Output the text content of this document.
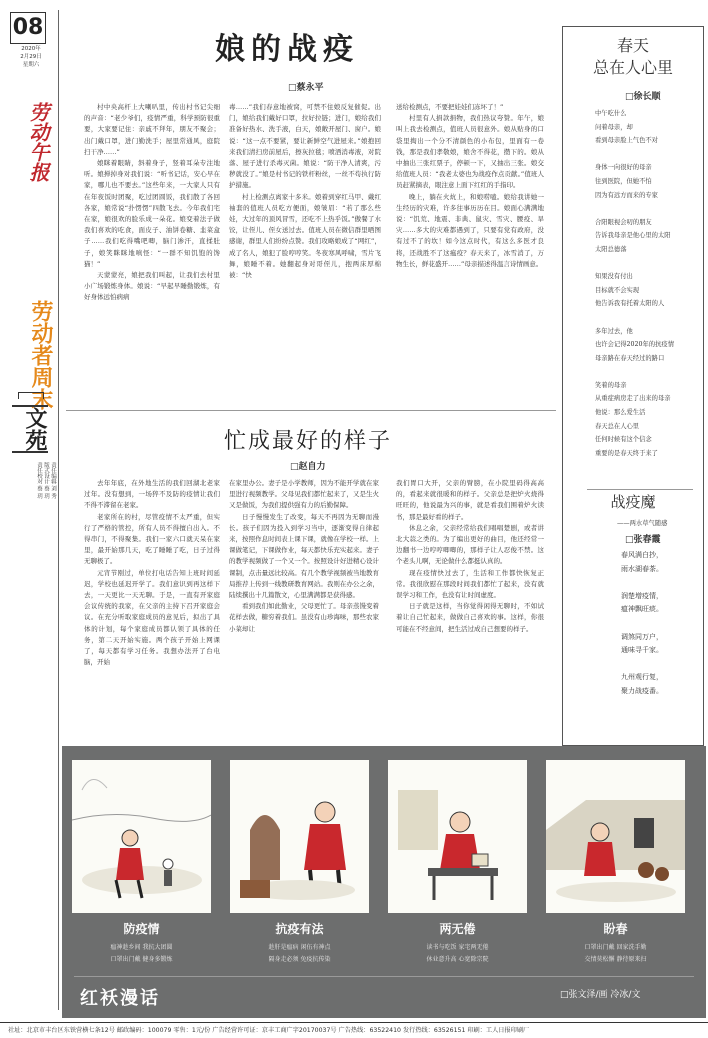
08
2020年
2月29日
星期六
劳动午报
劳动者周末
文苑
责任编辑 刘 秀 版式设计 蔡 玥 责任校对 蔡 玥
娘的战疫
□蔡永平

村中央高杆上大喇叭里，传出村书记尖细的声音：“老少爷们，疫情严重，科学预防很重要，大家要记住：亲戚不拜年，朋友不聚会；出门戴口罩，进门勤洗手；屋里常通风，庭院扫干净……”

娘眯着眼睛，斜着身子，竖着耳朵专注地听。娘掸掉身对我们说：“听书记话，安心早在家，哪儿也不要去。”这些年来，一大家人只有在年夜饭时团聚，吃过团圆饭，我们散了各回各家，娘常说“扑愣愣”四散飞去。今年我们宅在家，娘很欢的脸乐成一朵花。娘变着法子做我们喜欢的吃食，面皮子、油饼卷糖、韭菜盒子……我们吃得嘴吧唧，脑门渗汗，直揉肚子，娘笑眯眯地嗔怪：“一群不知饥饱的馋猫！”

天蒙蒙亮，娘把我们叫起，让我们去村里小广场锻炼身体。娘说：“早起早睡勤锻炼，有好身体远怕病病

毒……”我们春意地被窝，可禁不住娘反复催促。出门，娘给我们戴好口罩，拉好拉链；进门，娘给我们准备好热水、洗手液，白天，娘敞开屋门、窗户。娘说：“这一点不要紧，要让新鲜空气进屋来。”娘抱回来我们清扫房前屋后，擦灰拉毯；喷洒消毒液，对院落、屋子进行杀毒灭菌。娘说：“防干净人清爽，污秽就没了。”娘是村书记的铁杆粉丝，一丝不苟执行防护措施。

村上检测点离家十多米。娘着到穿红马甲、戴红袖套的值班人员吃方便面，娘皱眉：“若了那么些娃，大过年的顶风冒雪，还吃不上热乎饭。”傲餐了水饺，让侄儿、侄女送过去。值班人员在微信群里晒图感谢，群里人们纷纷点赞。我们攻略娘成了“网红”，成了名人，娘犯了脸哼哼笑。冬夜寒风呼啸，雪片飞舞，娘睡不着。她翻起身对哥侄儿，抱两床厚棉被：“快

送给检测点，不要把娃娃们冻坏了！”

村里有人捐款捐物，我们热议夸赞。年午，娘叫上我去检测点，值班人员很意外。娘从贴身的口袋里掏出一个分不清颜色的小布包，里面有一卷钱，那是我们孝敬娘，娘舍不得花，攒下的。娘从中抽出三张红票子，停顿一下，又抽出三张。娘交给值班人员：“我老太婆也为战疫作点贡献。”值班人员赶紧摘表，眼注意上面下红红的手指印。

晚上，躺在火炕上，和娘唠嗑。娘给我讲她一生经历的灾难，许多往事历历在目。娘面心满满地说：“饥荒、地震、非典、鼠灾、雪灾、腰疫、旱灾……多大的灾难都遇到了，只要有党有政府，没有过不了的坎！如今这点时代，有这么多医才良将，还战胜不了这瘟疫？春天来了，冰雪消了，万物生长，鲜花盛开……”母亲描述得温言诗情画意。

忙成最好的样子
□赵自力

去年年底，在外地生活的我们回湖北老家过年。没有想到，一场猝不及防的疫情让我们不得不滞留在老家。

老家所在的村，尽管疫情不太严重，但实行了严格的管控，所有人员不得擅自出入。不得串门，不得聚集。我们一家六口就天呆在家里，最开始那几天，吃了睡睡了吃，日子过得无聊极了。

元宵节刚过，单位打电话告知上班时间延迟，学校也延迟开学了。我们意识到再这样下去，一天更比一天无聊。于是，一直有开家庭会议传统的我家，在父亲的主持下召开家庭会议。在充分听取家庭成员的意见后，拟出了具体的计划，每个家庭成员都认领了具体的任务，第二天开始实施。两个孩子开始上网课了，每天都有学习任务。我想办法开了台电脑，开始

在家里办公。妻子是小学教师，因为不能开学就在家里进行视频教学。父母见我们都忙起来了，又是生火又是做饭，为我们提供强有力的后勤保障。

日子慢慢发生了改变，每天不再因为无聊而漫长。孩子们因为投入到学习当中，逐渐变得自律起来，按照作息时间表上课下课，就像在学校一样。上课做笔记，下课做作业，每天都快乐充实起来。妻子的教学视频做了一个又一个。按照设计好进精心设计课制，点击量远比较高。有几个教学视频被当地教育局推荐上传到一线教研教育网站。我则在办公之余，陆续撰出十几篇散文，心里满满都是获得感。

看到我们如此勤业，父母更忙了。母亲蒸馒变着花样去做，糖穷着我们。虽没有山珍海味，那些农家小菜却让

我们胃口大开，父亲的臂膀，在小院里码得高高的，看起来就很暖和的样子。父亲总是把炉火烧得旺旺的，他说最为兴的事，就是看我们围着炉火读书，那是最好看的样子。

休息之余，父亲经常给我们唱唱楚剧，或者讲北大蒜之类的。为了编出更好的曲目，他还经常一边翻书一边哼哼唧唧的，那样子让人忍俊不禁。这个老头儿啊，无论做什么都挺认真的。

现在疫情快过去了，生活和工作都快恢复正常。我很欣慰在那段时间我们都忙了起来，没有就误学习和工作，也没有让时间虚度。

日子就是这样，当你觉得闲得无聊时，不如试着让自己忙起来，做做自己喜欢的事。这样，你很可能在不经意间，把生活过成自己想要的样子。

春天
总在人心里
□徐长顺
中午吃什么
问着母亲，却
看到母亲脸上气色不对

身体一向很好的母亲
往到医院，但她不怕
因为有远方而来的专家

合阳眼视会叨的朋友
告诉我母亲是他心里的太阳
太阳总德落

知果没有付出
目标就不会实现
他告诉我有托着太阳的人

多年过去，他
也许会记得2020年的抗疫情
母亲路在春天经过的路口

笑着的母亲
从重症病房走了出来的母亲
他说：那么爱生活
春天总在人心里
任何时候有这个信念
重要的是春天终于来了
战疫魔
——两水草气随感
□张春霞
春风满白抄，
雨水湖春茶。

润楚增疫情，
瘟神飘旺痰。

调煞同万户，
通味寻千家。

九州观行复，
聚力战疫番。
防疫情
瘟神趁乡间 我抗大团圆
口罩出门戴 健身多锻炼
抗疫有法
趁肝是瘟病 闲伍有神点
隔身走必须 免疫抗传染
两无倦
读书与吃饭 家宅两无倦
休业意升高 心宽除宗院
盼春
口罩出门戴 回家洗手勤
交情莫松懈 静待原来扫
红袄漫话	□张文泽/画 冷冰/文
社址：北京市丰台区东铁营横七条12号 邮政编码：100079 零售：1元/份 广告经营许可证：京丰工商广字20170037号 广告热线：63522410 发行热线：63526151 印刷：工人日报印刷厂
